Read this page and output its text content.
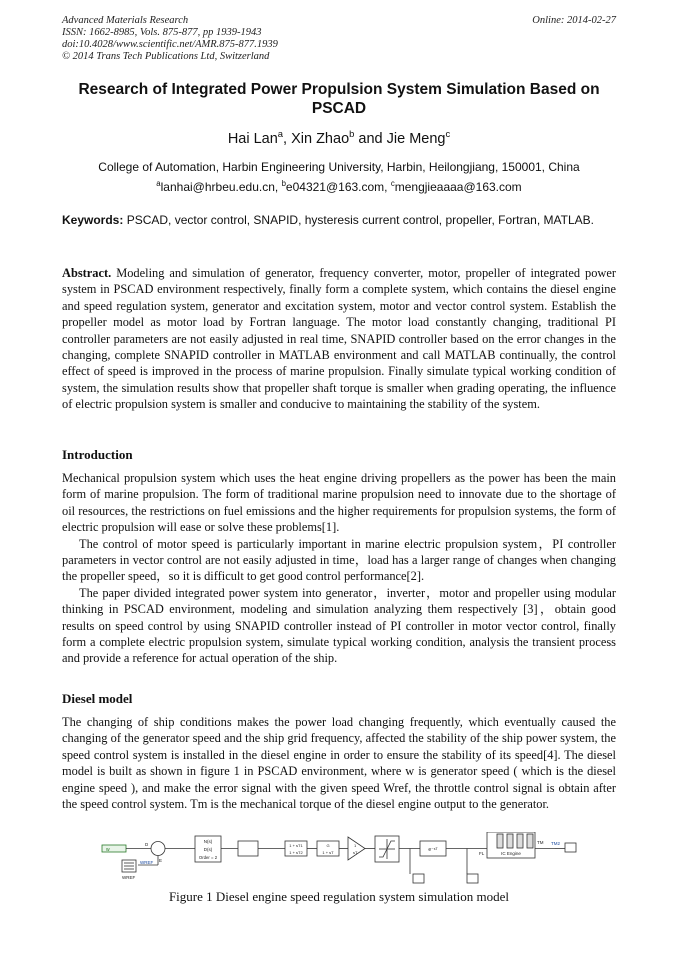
Advanced Materials Research
ISSN: 1662-8985, Vols. 875-877, pp 1939-1943
doi:10.4028/www.scientific.net/AMR.875-877.1939
© 2014 Trans Tech Publications Ltd, Switzerland
Online: 2014-02-27
Research of Integrated Power Propulsion System Simulation Based on PSCAD
Hai Lan$^a$, Xin Zhao$^b$ and Jie Meng$^c$
College of Automation, Harbin Engineering University, Harbin, Heilongjiang, 150001, China
$^a$lanhai@hrbeu.edu.cn, $^b$e04321@163.com, $^c$mengjieaaaa@163.com
Keywords: PSCAD, vector control, SNAPID, hysteresis current control, propeller, Fortran, MATLAB.

Abstract. Modeling and simulation of generator, frequency converter, motor, propeller of integrated power system in PSCAD environment respectively, finally form a complete system, which contains the diesel engine and speed regulation system, generator and excitation system, motor and vector control system. Establish the propeller model as motor load by Fortran language. The motor load constantly changing, traditional PI controller parameters are not easily adjusted in real time, SNAPID controller based on the error changes in the changing, complete SNAPID controller in MATLAB environment and call MATLAB continually, the control effect of speed is improved in the process of marine propulsion. Finally simulate typical working condition of system, the simulation results show that propeller shaft torque is smaller when grading operating, the influence of electric propulsion system is smaller and conducive to maintaining the stability of the system.

Introduction

Mechanical propulsion system which uses the heat engine driving propellers as the power has been the main form of marine propulsion. The form of traditional marine propulsion need to innovate due to the shortage of oil resources, the restrictions on fuel emissions and the higher requirements for propulsion systems, the form of electric propulsion will ease or solve these problems[1].

The control of motor speed is particularly important in marine electric propulsion system，PI controller parameters in vector control are not easily adjusted in time，load has a larger range of changes when changing the propeller speed，so it is difficult to get good control performance[2].

The paper divided integrated power system into generator，inverter，motor and propeller using modular thinking in PSCAD environment, modeling and simulation analyzing them respectively [3]，obtain good results on speed control by using SNAPID controller instead of PI controller in motor vector control, finally form a complete electric propulsion system, simulate typical working condition, analysis the transient process and provide a reference for actual operation of the ship.

Diesel model

The changing of ship conditions makes the power load changing frequently, which eventually caused the changing of the generator speed and the ship grid frequency, affected the stability of the ship power system, the speed control system is installed in the diesel engine in order to ensure the stability of its speed[4]. The diesel model is built as shown in figure 1 in PSCAD environment, where w is generator speed ( which is the diesel engine speed ), and make the error signal with the given speed Wref, the throttle control signal is obtain after the speed control system. Tm is the mechanical torque of the diesel engine output to the generator.

w
WREF
WREF
D
E
N(s)
D(s)
Order = 2
1 + sT1
1 + sT2
G
1 + sT
1
sT	e⁻ˢᵀ
IC Engine
TM
FL
TM2
Figure 1 Diesel engine speed regulation system simulation model
